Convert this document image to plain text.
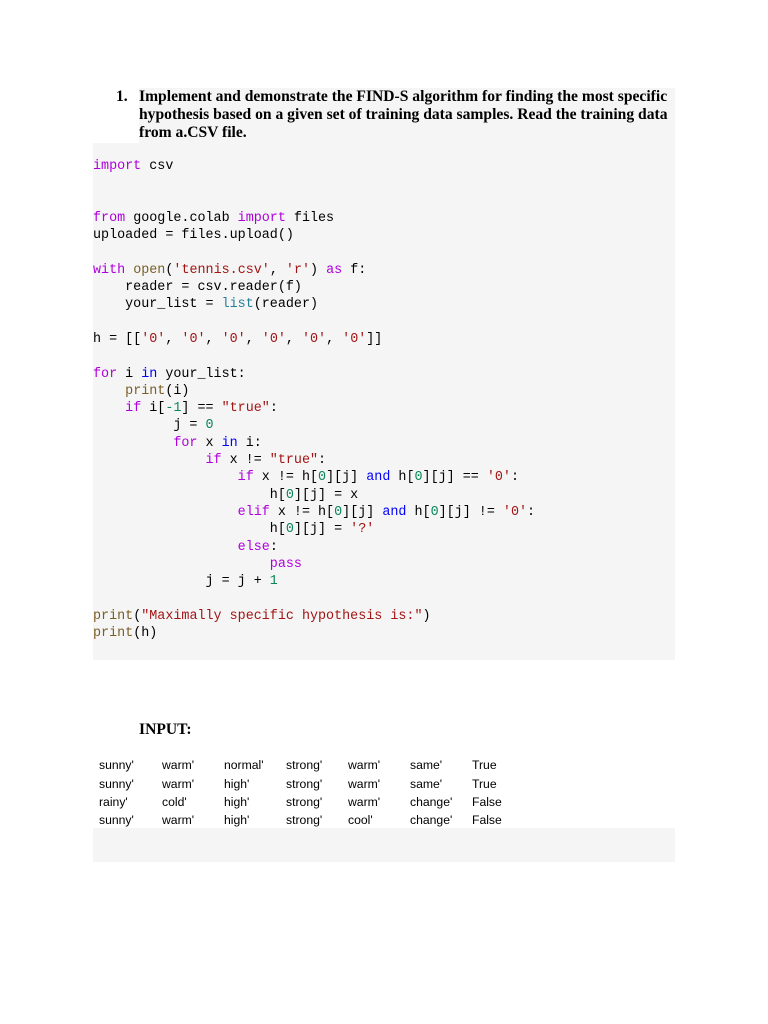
1. Implement and demonstrate the FIND-S algorithm for finding the most specific hypothesis based on a given set of training data samples. Read the training data from a.CSV file.
import csv

from google.colab import files
uploaded = files.upload()

with open('tennis.csv', 'r') as f:
reader = csv.reader(f)
your_list = list(reader)

h = [['0', '0', '0', '0', '0', '0']]

for i in your_list:
print(i)
if i[-1] == "true":
j = 0
for x in i:
if x != "true":
if x != h[0][j] and h[0][j] == '0':
h[0][j] = x
elif x != h[0][j] and h[0][j] != '0':
h[0][j] = '?'
else:
pass
j = j + 1

print("Maximally specific hypothesis is:")
print(h)
INPUT:
sunny'	warm'	normal'	strong'	warm'	same'	True
sunny'	warm'	high'	strong'	warm'	same'	True
rainy'	cold'	high'	strong'	warm'	change'	False
sunny'	warm'	high'	strong'	cool'	change'	False
